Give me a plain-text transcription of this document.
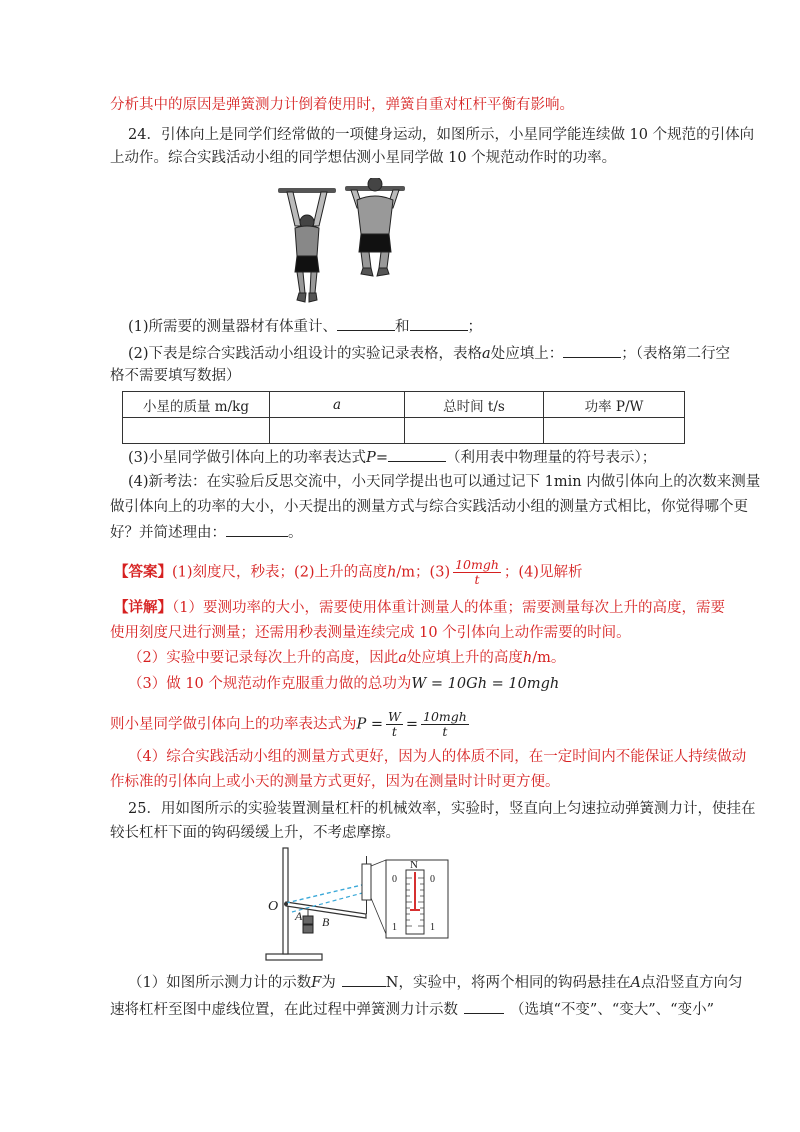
分析其中的原因是弹簧测力计倒着使用时，弹簧自重对杠杆平衡有影响。
24．引体向上是同学们经常做的一项健身运动，如图所示，小星同学能连续做 10 个规范的引体向
上动作。综合实践活动小组的同学想估测小星同学做 10 个规范动作时的功率。
(1)所需要的测量器材有体重计、	和	；
(2)下表是综合实践活动小组设计的实验记录表格，表格a处应填上：	；（表格第二行空
格不需要填写数据）
小星的质量 m/kg	a	总时间 t/s	功率 P/W

(3)小星同学做引体向上的功率表达式P=	（利用表中物理量的符号表示）；
(4)新考法：在实验后反思交流中，小天同学提出也可以通过记下 1min 内做引体向上的次数来测量
做引体向上的功率的大小，小天提出的测量方式与综合实践活动小组的测量方式相比，你觉得哪个更
好？并简述理由：	。
【答案】(1)刻度尺，秒表；(2)上升的高度h/m；$(3) \frac{\text{10mgh}}{t}$ ；(4)见解析
【详解】（1）要测功率的大小，需要使用体重计测量人的体重；需要测量每次上升的高度，需要
使用刻度尺进行测量；还需用秒表测量连续完成 10 个引体向上动作需要的时间。
（2）实验中要记录每次上升的高度，因此a处应填上升的高度h/m。
（3）做 10 个规范动作克服重力做的总功为W = 10Gh = 10mgh
则小星同学做引体向上的功率表达式为$P = \frac{W}{t} = \frac{\text{10mgh}}{t}$
（4）综合实践活动小组的测量方式更好，因为人的体质不同，在一定时间内不能保证人持续做动
作标准的引体向上或小天的测量方式更好，因为在测量时计时更方便。
25．用如图所示的实验装置测量杠杆的机械效率，实验时，竖直向上匀速拉动弹簧测力计，使挂在
较长杠杆下面的钩码缓缓上升，不考虑摩擦。
O
A B
N
0	0
1	1
（1）如图所示测力计的示数F为	N，实验中，将两个相同的钩码悬挂在A点沿竖直方向匀
速将杠杆至图中虚线位置，在此过程中弹簧测力计示数	（选填“不变”、“变大”、“变小”
